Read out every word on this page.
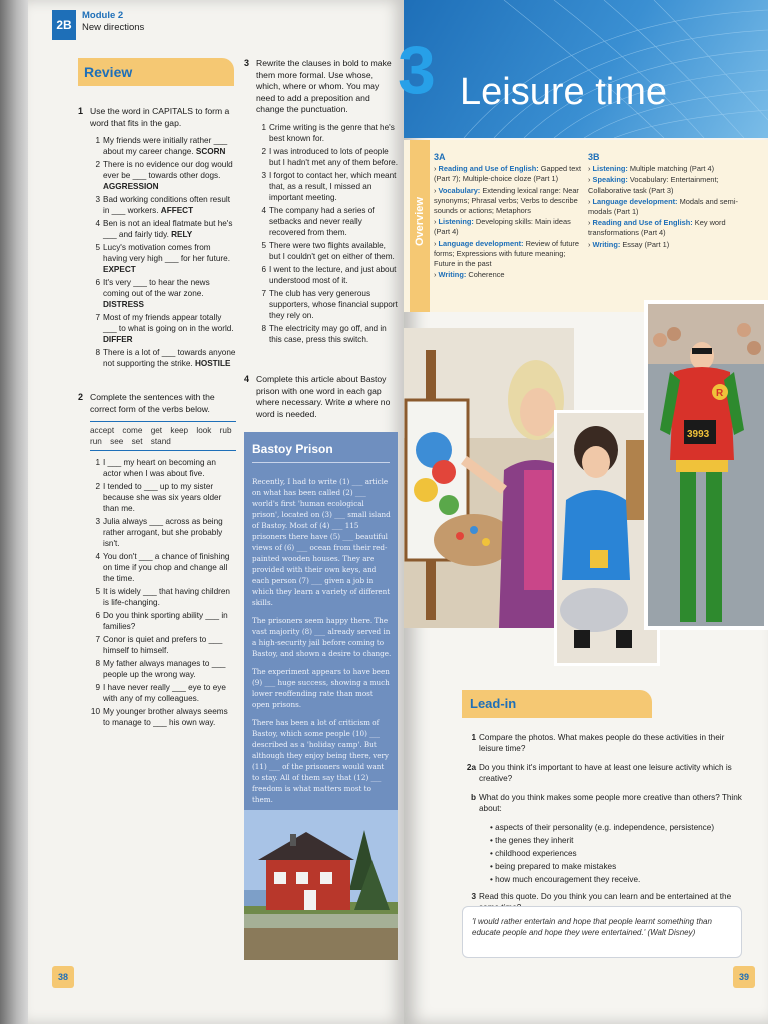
2B
Module 2
New directions
Review
1 Use the word in CAPITALS to form a word that fits in the gap.
1 My friends were initially rather ___ about my career change. SCORN
2 There is no evidence our dog would ever be ___ towards other dogs. AGGRESSION
3 Bad working conditions often result in ___ workers. AFFECT
4 Ben is not an ideal flatmate but he's ___ and fairly tidy. RELY
5 Lucy's motivation comes from having very high ___ for her future. EXPECT
6 It's very ___ to hear the news coming out of the war zone. DISTRESS
7 Most of my friends appear totally ___ to what is going on in the world. DIFFER
8 There is a lot of ___ towards anyone not supporting the strike. HOSTILE
2 Complete the sentences with the correct form of the verbs below.
accept come get keep look rub run see set stand
1 I ___ my heart on becoming an actor when I was about five.
2 I tended to ___ up to my sister because she was six years older than me.
3 Julia always ___ across as being rather arrogant, but she probably isn't.
4 You don't ___ a chance of finishing on time if you chop and change all the time.
5 It is widely ___ that having children is life-changing.
6 Do you think sporting ability ___ in families?
7 Conor is quiet and prefers to ___ himself to himself.
8 My father always manages to ___ people up the wrong way.
9 I have never really ___ eye to eye with any of my colleagues.
10 My younger brother always seems to manage to ___ his own way.
3 Rewrite the clauses in bold to make them more formal. Use whose, which, where or whom. You may need to add a preposition and change the punctuation.
1 Crime writing is the genre that he's best known for.
2 I was introduced to lots of people but I hadn't met any of them before.
3 I forgot to contact her, which meant that, as a result, I missed an important meeting.
4 The company had a series of setbacks and never really recovered from them.
5 There were two flights available, but I couldn't get on either of them.
6 I went to the lecture, and just about understood most of it.
7 The club has very generous supporters, whose financial support they rely on.
8 The electricity may go off, and in this case, press this switch.
4 Complete this article about Bastoy prison with one word in each gap where necessary. Write ø where no word is needed.
Bastoy Prison

Recently, I had to write (1) ___ article on what has been called (2) ___ world's first 'human ecological prison', located on (3) ___ small island of Bastoy. Most of (4) ___ 115 prisoners there have (5) ___ beautiful views of (6) ___ ocean from their red-painted wooden houses. They are provided with their own keys, and each person (7) ___ given a job in which they learn a variety of different skills.

The prisoners seem happy there. The vast majority (8) ___ already served in a high-security jail before coming to Bastoy, and shown a desire to change.

The experiment appears to have been (9) ___ huge success, showing a much lower reoffending rate than most open prisons.

There has been a lot of criticism of Bastoy, which some people (10) ___ described as a 'holiday camp'. But although they enjoy being there, very (11) ___ of the prisoners would want to stay. All of them say that (12) ___ freedom is what matters most to them.

38
3 Leisure time
Overview
3A
› Reading and Use of English: Gapped text (Part 7); Multiple-choice cloze (Part 1)
› Vocabulary: Extending lexical range: Near synonyms; Phrasal verbs; Verbs to describe sounds or actions; Metaphors
› Listening: Developing skills: Main ideas (Part 4)
› Language development: Review of future forms; Expressions with future meaning; Future in the past
› Writing: Coherence
3B
› Listening: Multiple matching (Part 4)
› Speaking: Vocabulary: Entertainment; Collaborative task (Part 3)
› Language development: Modals and semi-modals (Part 1)
› Reading and Use of English: Key word transformations (Part 4)
› Writing: Essay (Part 1)
R
3993
Lead-in
1 Compare the photos. What makes people do these activities in their leisure time?
2a Do you think it's important to have at least one leisure activity which is creative?
b What do you think makes some people more creative than others? Think about:
• aspects of their personality (e.g. independence, persistence)
• the genes they inherit
• childhood experiences
• being prepared to make mistakes
• how much encouragement they receive.
3 Read this quote. Do you think you can learn and be entertained at the
'I would rather entertain and hope that people learnt something than educate people and hope they were entertained.' (Walt Disney)
39
